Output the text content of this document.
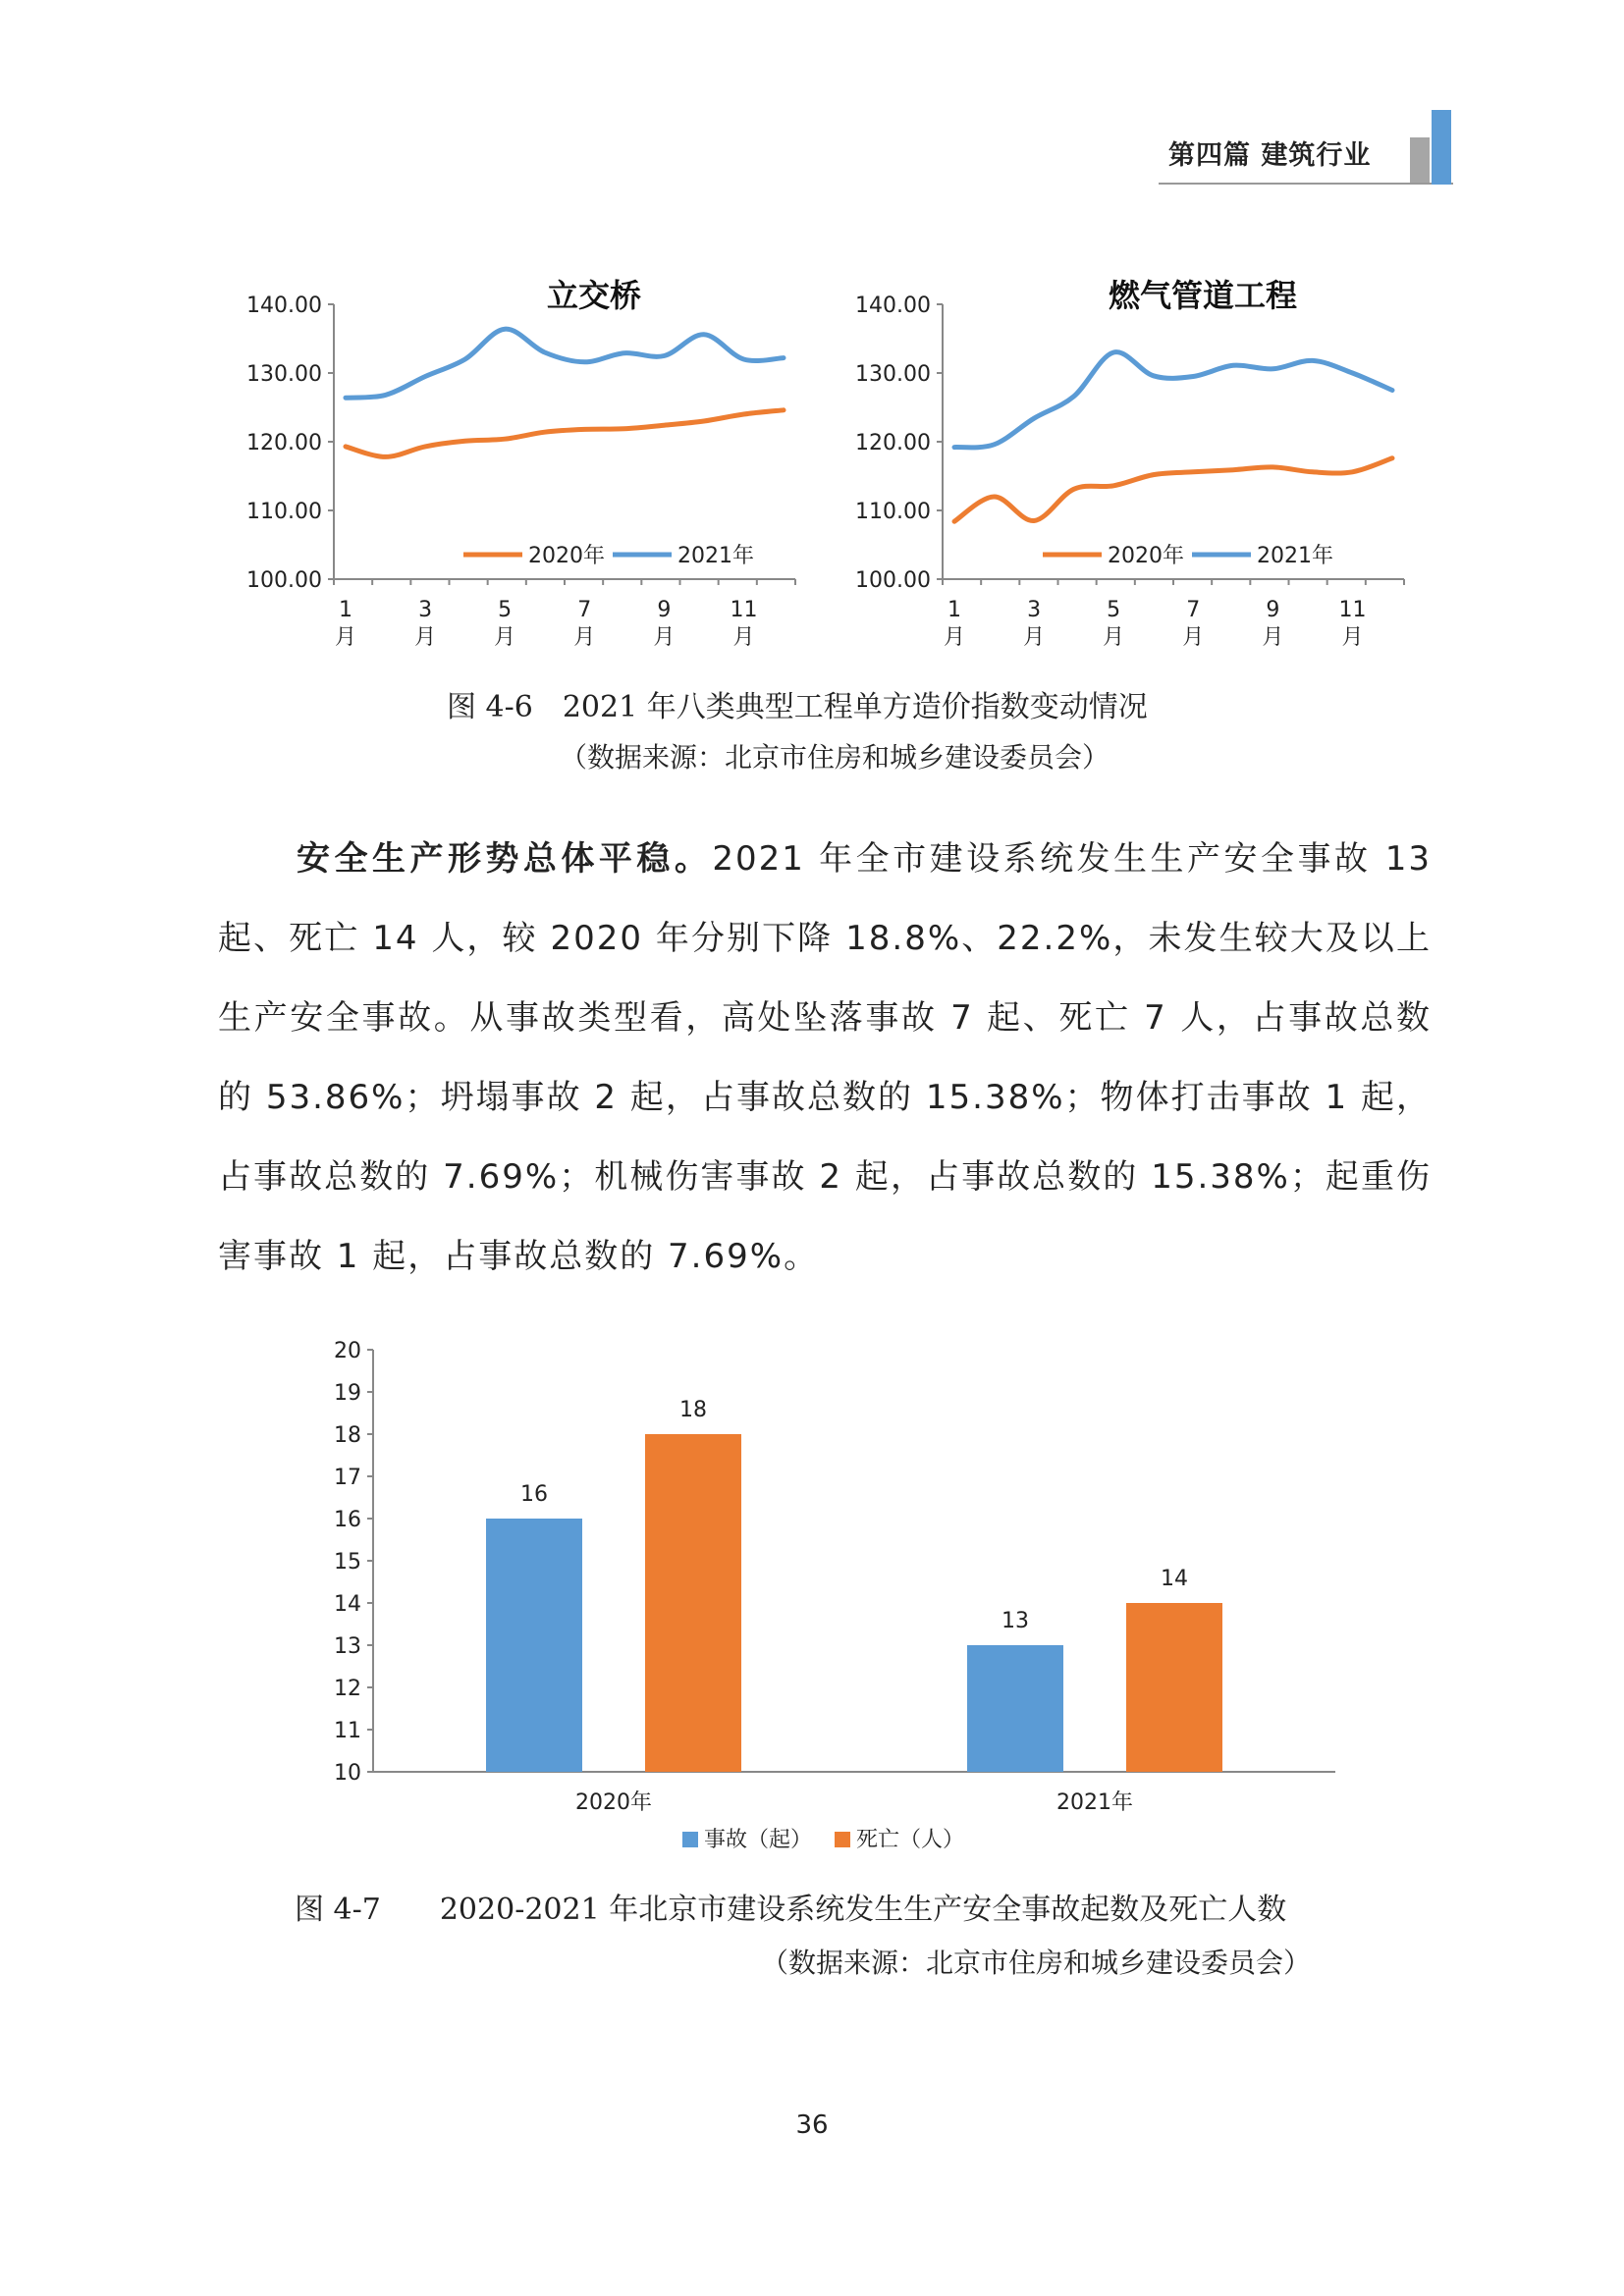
第四篇 建筑行业
140.00
130.00
120.00
110.00
100.00
1
月
3
月
5
月
7
月
9
月
11
月
立交桥
2020年	2021年
140.00
130.00
120.00
110.00
100.00
1
月
3
月
5
月
7
月
9
月
11
月
燃气管道工程
2020年	2021年
图 4-6　2021 年八类典型工程单方造价指数变动情况
（数据来源：北京市住房和城乡建设委员会）
安全生产形势总体平稳。2021 年全市建设系统发生生产安全事故 13 起、死亡 14 人，较 2020 年分别下降 18.8%、22.2%，未发生较大及以上生产安全事故。从事故类型看，高处坠落事故 7 起、死亡 7 人，占事故总数的 53.86%；坍塌事故 2 起，占事故总数的 15.38%；物体打击事故 1 起，占事故总数的 7.69%；机械伤害事故 2 起，占事故总数的 15.38%；起重伤害事故 1 起，占事故总数的 7.69%。
20
19
18
17
16
15
14
13
12
11
10
2020年
16
18
2021年
13
14
事故（起） 死亡（人）
图 4-7　　2020-2021 年北京市建设系统发生生产安全事故起数及死亡人数
（数据来源：北京市住房和城乡建设委员会）
36
